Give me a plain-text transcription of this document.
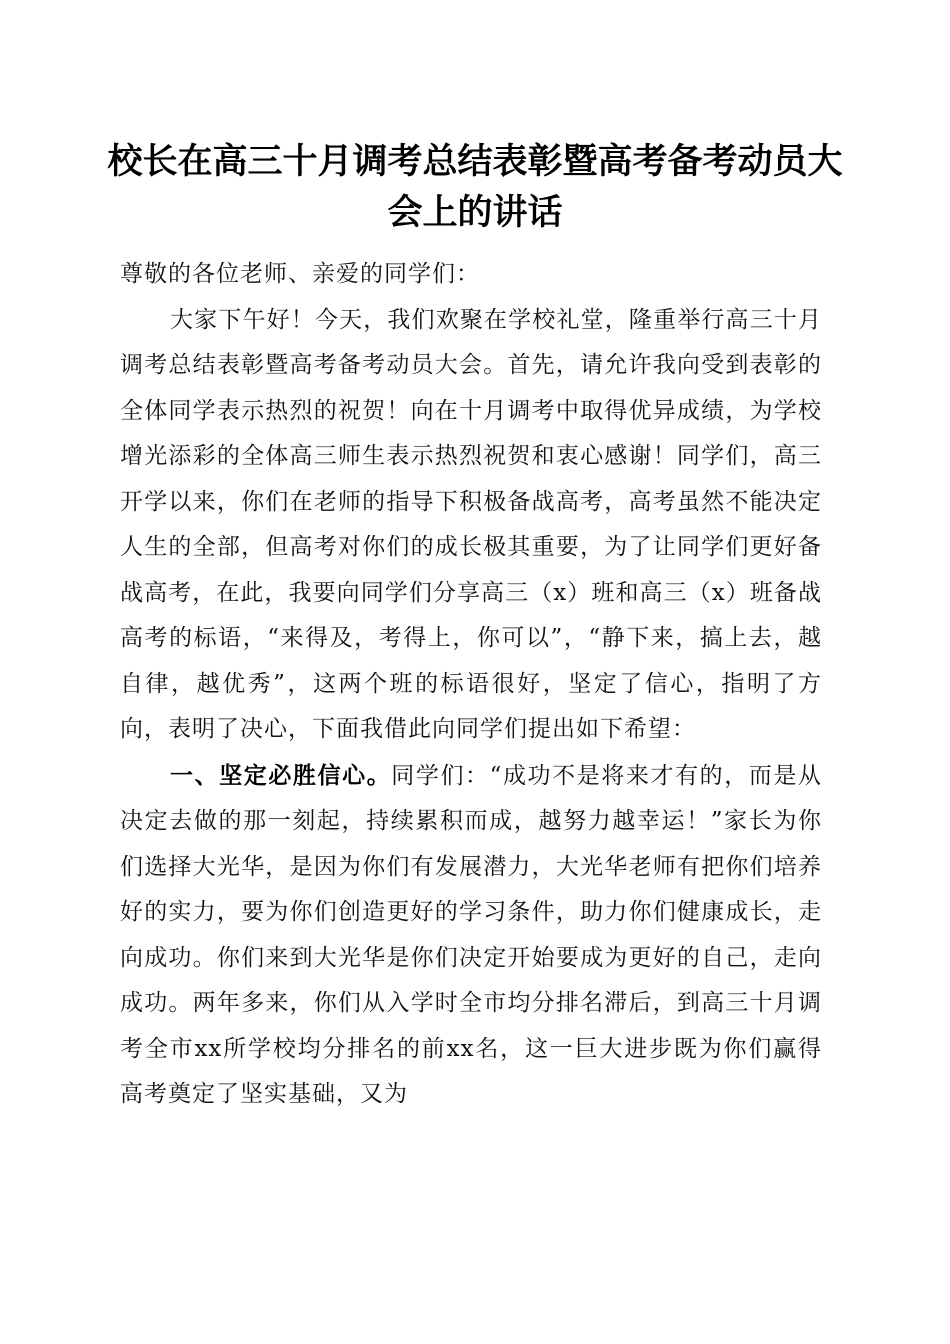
校长在高三十月调考总结表彰暨高考备考动员大会上的讲话

尊敬的各位老师、亲爱的同学们：

大家下午好！今天，我们欢聚在学校礼堂，隆重举行高三十月调考总结表彰暨高考备考动员大会。首先，请允许我向受到表彰的全体同学表示热烈的祝贺！向在十月调考中取得优异成绩，为学校增光添彩的全体高三师生表示热烈祝贺和衷心感谢！同学们，高三开学以来，你们在老师的指导下积极备战高考，高考虽然不能决定人生的全部，但高考对你们的成长极其重要，为了让同学们更好备战高考，在此，我要向同学们分享高三（x）班和高三（x）班备战高考的标语，“来得及，考得上，你可以”，“静下来，搞上去，越自律，越优秀”，这两个班的标语很好，坚定了信心，指明了方向，表明了决心，下面我借此向同学们提出如下希望：

一、坚定必胜信心。同学们：“成功不是将来才有的，而是从决定去做的那一刻起，持续累积而成，越努力越幸运！”家长为你们选择大光华，是因为你们有发展潜力，大光华老师有把你们培养好的实力，要为你们创造更好的学习条件，助力你们健康成长，走向成功。你们来到大光华是你们决定开始要成为更好的自己，走向成功。两年多来，你们从入学时全市均分排名滞后，到高三十月调考全市xx所学校均分排名的前xx名，这一巨大进步既为你们赢得高考奠定了坚实基础，又为
